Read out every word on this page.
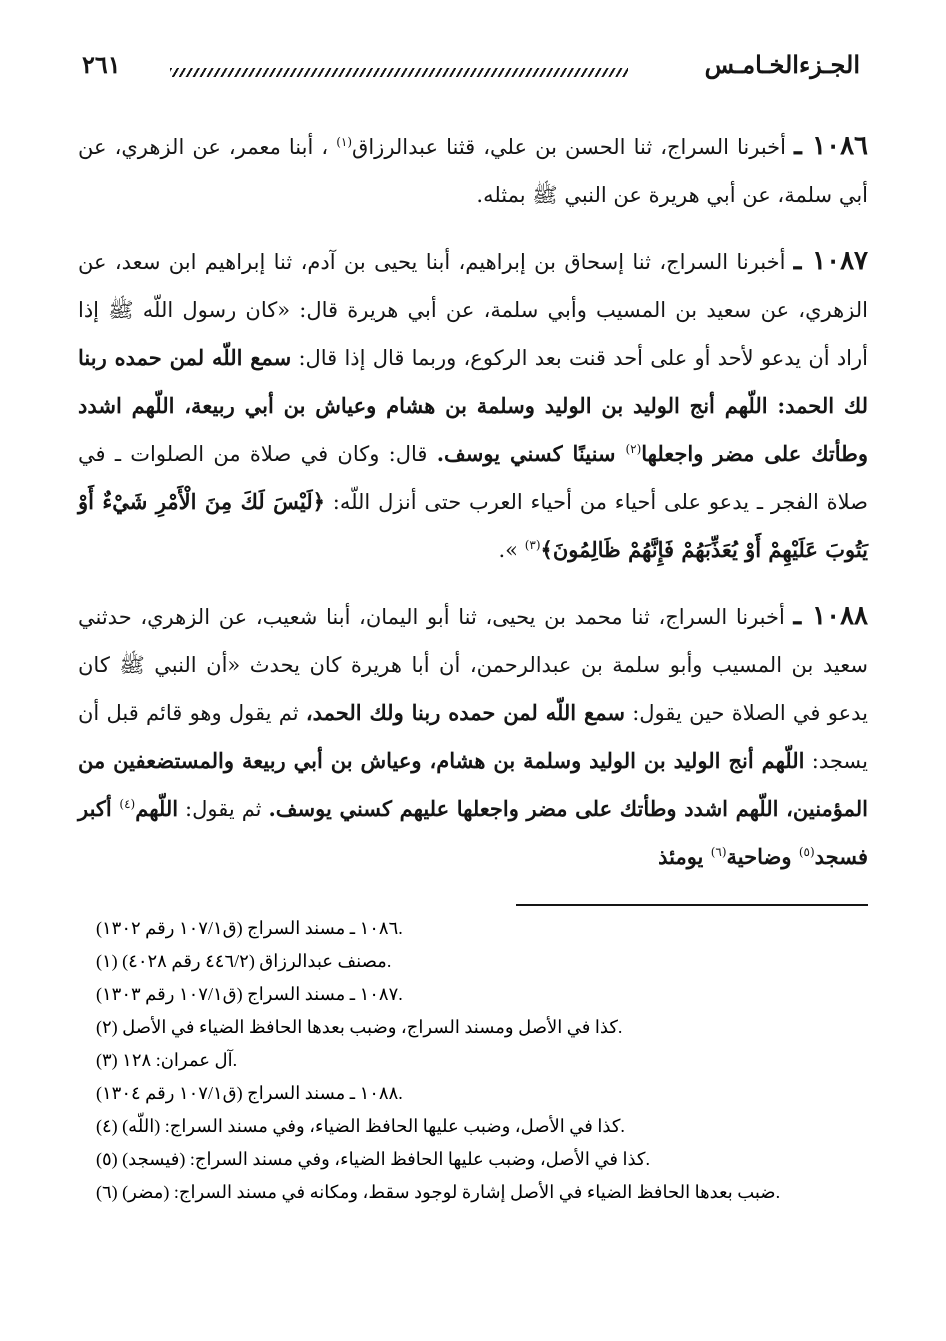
الجـزءالخـامـس
٢٦١

١٠٨٦ ـ أخبرنا السراج، ثنا الحسن بن علي، قثنا عبدالرزاق$^{(١)}$ ، أبنا معمر، عن الزهري، عن أبي سلمة، عن أبي هريرة عن النبي ﷺ بمثله.

١٠٨٧ ـ أخبرنا السراج، ثنا إسحاق بن إبراهيم، أبنا يحيى بن آدم، ثنا إبراهيم ابن سعد، عن الزهري، عن سعيد بن المسيب وأبي سلمة، عن أبي هريرة قال: «كان رسول اللّه ﷺ إذا أراد أن يدعو لأحد أو على أحد قنت بعد الركوع، وربما قال إذا قال: سمع اللّه لمن حمده ربنا لك الحمد: اللّهم أنج الوليد بن الوليد وسلمة بن هشام وعياش بن أبي ربيعة، اللّهم اشدد وطأتك على مضر واجعلها$^{(٢)}$ سنينًا كسني يوسف. قال: وكان في صلاة من الصلوات ـ في صلاة الفجر ـ يدعو على أحياء من أحياء العرب حتى أنزل اللّه: ﴿لَيْسَ لَكَ مِنَ الْأَمْرِ شَيْءٌ أَوْ يَتُوبَ عَلَيْهِمْ أَوْ يُعَذِّبَهُمْ فَإِنَّهُمْ ظَالِمُونَ﴾$^{(٣)}$ ».

١٠٨٨ ـ أخبرنا السراج، ثنا محمد بن يحيى، ثنا أبو اليمان، أبنا شعيب، عن الزهري، حدثني سعيد بن المسيب وأبو سلمة بن عبدالرحمن، أن أبا هريرة كان يحدث «أن النبي ﷺ كان يدعو في الصلاة حين يقول: سمع اللّه لمن حمده ربنا ولك الحمد، ثم يقول وهو قائم قبل أن يسجد: اللّهم أنج الوليد بن الوليد وسلمة بن هشام، وعياش بن أبي ربيعة والمستضعفين من المؤمنين، اللّهم اشدد وطأتك على مضر واجعلها عليهم كسني يوسف. ثم يقول: اللّهم$^{(٤)}$ أكبر فسجد$^{(٥)}$ وضاحية$^{(٦)}$ يومئذ

١٠٨٦ ـ مسند السراج (ق١٠٧/١ رقم ١٣٠٢).

(١) مصنف عبدالرزاق (٤٤٦/٢ رقم ٤٠٢٨).

١٠٨٧ ـ مسند السراج (ق١٠٧/١ رقم ١٣٠٣).

(٢) كذا في الأصل ومسند السراج، وضبب بعدها الحافظ الضياء في الأصل.

(٣) آل عمران: ١٢٨.

١٠٨٨ ـ مسند السراج (ق١٠٧/١ رقم ١٣٠٤).

(٤) كذا في الأصل، وضبب عليها الحافظ الضياء، وفي مسند السراج: (اللّه).

(٥) كذا في الأصل، وضبب عليها الحافظ الضياء، وفي مسند السراج: (فيسجد).

(٦) ضبب بعدها الحافظ الضياء في الأصل إشارة لوجود سقط، ومكانه في مسند السراج: (مضر).
